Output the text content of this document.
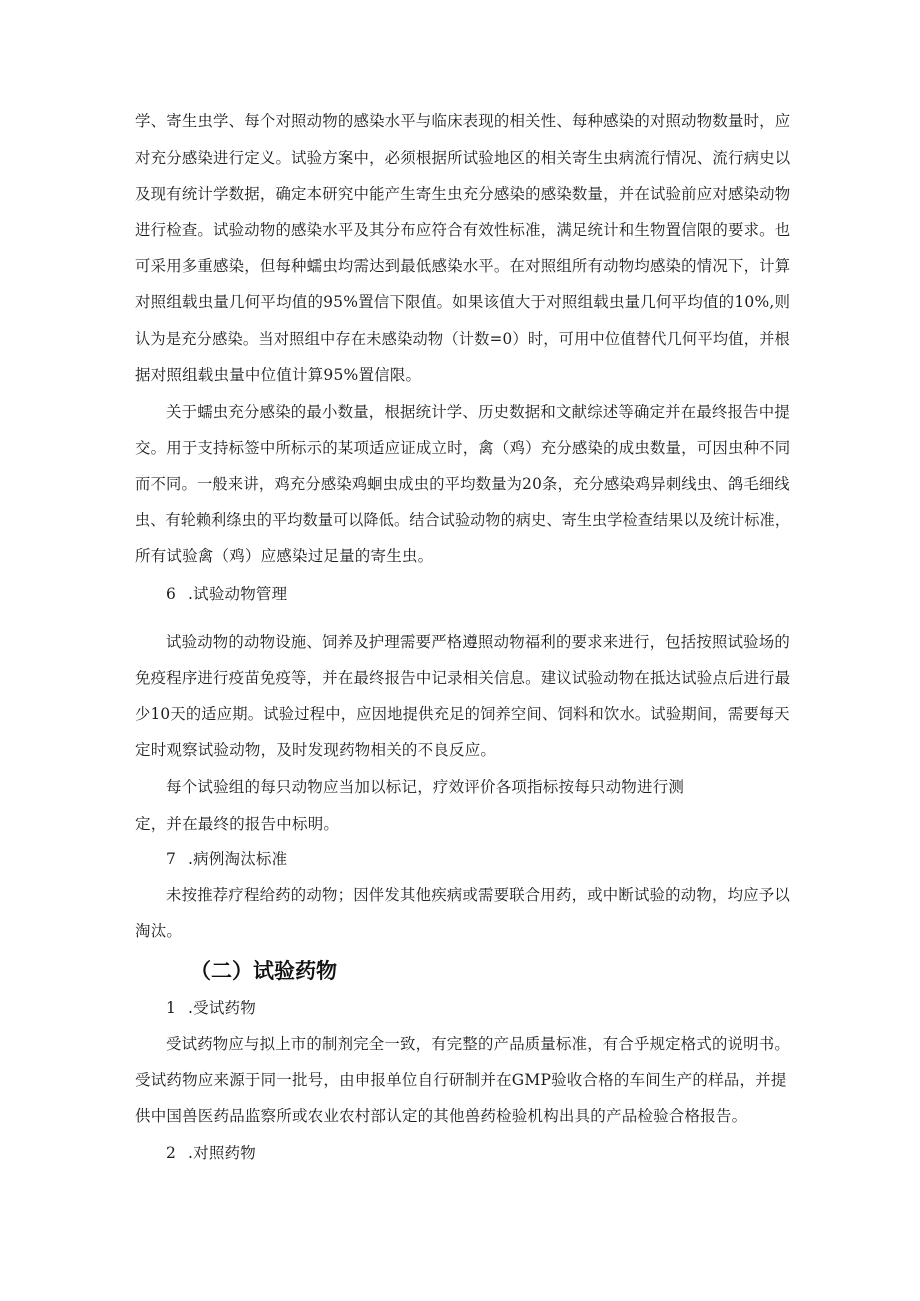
学、寄生虫学、每个对照动物的感染水平与临床表现的相关性、每种感染的对照动物数量时，应
对充分感染进行定义。试验方案中，必须根据所试验地区的相关寄生虫病流行情况、流行病史以
及现有统计学数据，确定本研究中能产生寄生虫充分感染的感染数量，并在试验前应对感染动物
进行检查。试验动物的感染水平及其分布应符合有效性标准，满足统计和生物置信限的要求。也
可采用多重感染，但每种蠕虫均需达到最低感染水平。在对照组所有动物均感染的情况下，计算
对照组载虫量几何平均值的95%置信下限值。如果该值大于对照组载虫量几何平均值的10%,则
认为是充分感染。当对照组中存在未感染动物（计数=0）时，可用中位值替代几何平均值，并根
据对照组载虫量中位值计算95%置信限。
关于蠕虫充分感染的最小数量，根据统计学、历史数据和文献综述等确定并在最终报告中提
交。用于支持标签中所标示的某项适应证成立时，禽（鸡）充分感染的成虫数量，可因虫种不同
而不同。一般来讲，鸡充分感染鸡蛔虫成虫的平均数量为20条，充分感染鸡异刺线虫、鸽毛细线
虫、有轮赖利绦虫的平均数量可以降低。结合试验动物的病史、寄生虫学检查结果以及统计标准，
所有试验禽（鸡）应感染过足量的寄生虫。
6 .试验动物管理
试验动物的动物设施、饲养及护理需要严格遵照动物福利的要求来进行，包括按照试验场的
免疫程序进行疫苗免疫等，并在最终报告中记录相关信息。建议试验动物在抵达试验点后进行最
少10天的适应期。试验过程中，应因地提供充足的饲养空间、饲料和饮水。试验期间，需要每天
定时观察试验动物，及时发现药物相关的不良反应。
每个试验组的每只动物应当加以标记，疗效评价各项指标按每只动物进行测
定，并在最终的报告中标明。
7 .病例淘汰标准
未按推荐疗程给药的动物；因伴发其他疾病或需要联合用药，或中断试验的动物，均应予以
淘汰。
（二）试验药物
1 .受试药物
受试药物应与拟上市的制剂完全一致，有完整的产品质量标准，有合乎规定格式的说明书。
受试药物应来源于同一批号，由申报单位自行研制并在GMP验收合格的车间生产的样品，并提
供中国兽医药品监察所或农业农村部认定的其他兽药检验机构出具的产品检验合格报告。
2 .对照药物
